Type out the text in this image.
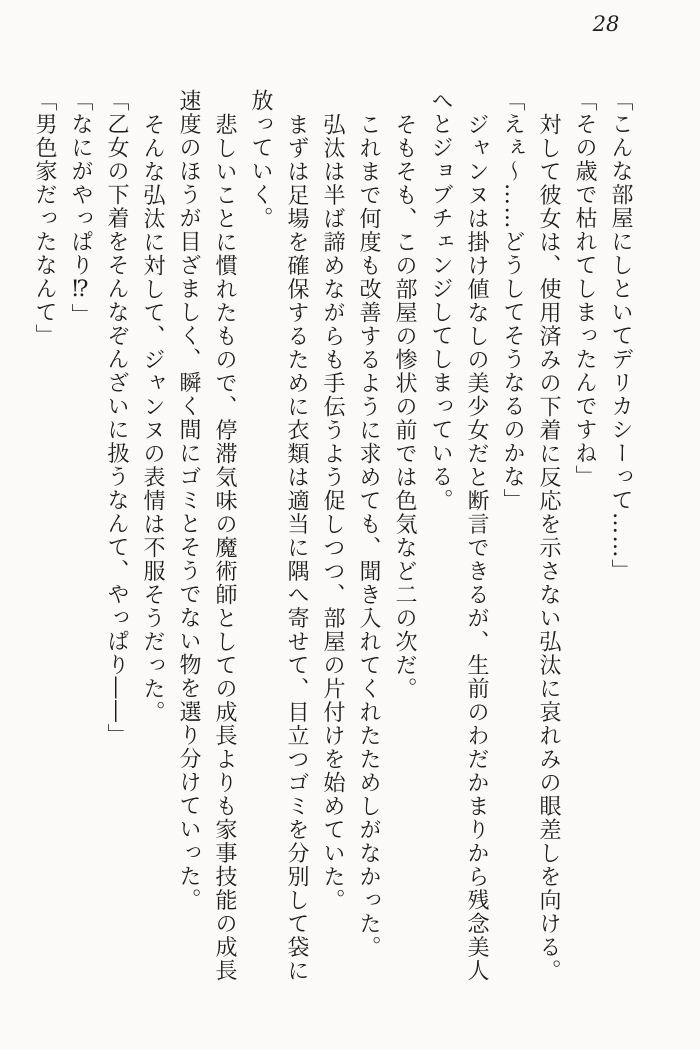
28

「こんな部屋にしといてデリカシーって……」

「その歳で枯れてしまったんですね」

対して彼女は、使用済みの下着に反応を示さない弘汰に哀れみの眼差しを向ける。

「えぇ〜……どうしてそうなるのかな」

ジャンヌは掛け値なしの美少女だと断言できるが、生前のわだかまりから残念美人へとジョブチェンジしてしまっている。

そもそも、この部屋の惨状の前では色気など二の次だ。

これまで何度も改善するように求めても、聞き入れてくれたためしがなかった。

弘汰は半ば諦めながらも手伝うよう促しつつ、部屋の片付けを始めていた。

まずは足場を確保するために衣類は適当に隅へ寄せて、目立つゴミを分別して袋に放っていく。

悲しいことに慣れたもので、停滞気味の魔術師としての成長よりも家事技能の成長速度のほうが目ざましく、瞬く間にゴミとそうでない物を選り分けていった。

そんな弘汰に対して、ジャンヌの表情は不服そうだった。

「乙女の下着をそんなぞんざいに扱うなんて、やっぱり――」

「なにがやっぱり⁉」

「男色家だったなんて」
